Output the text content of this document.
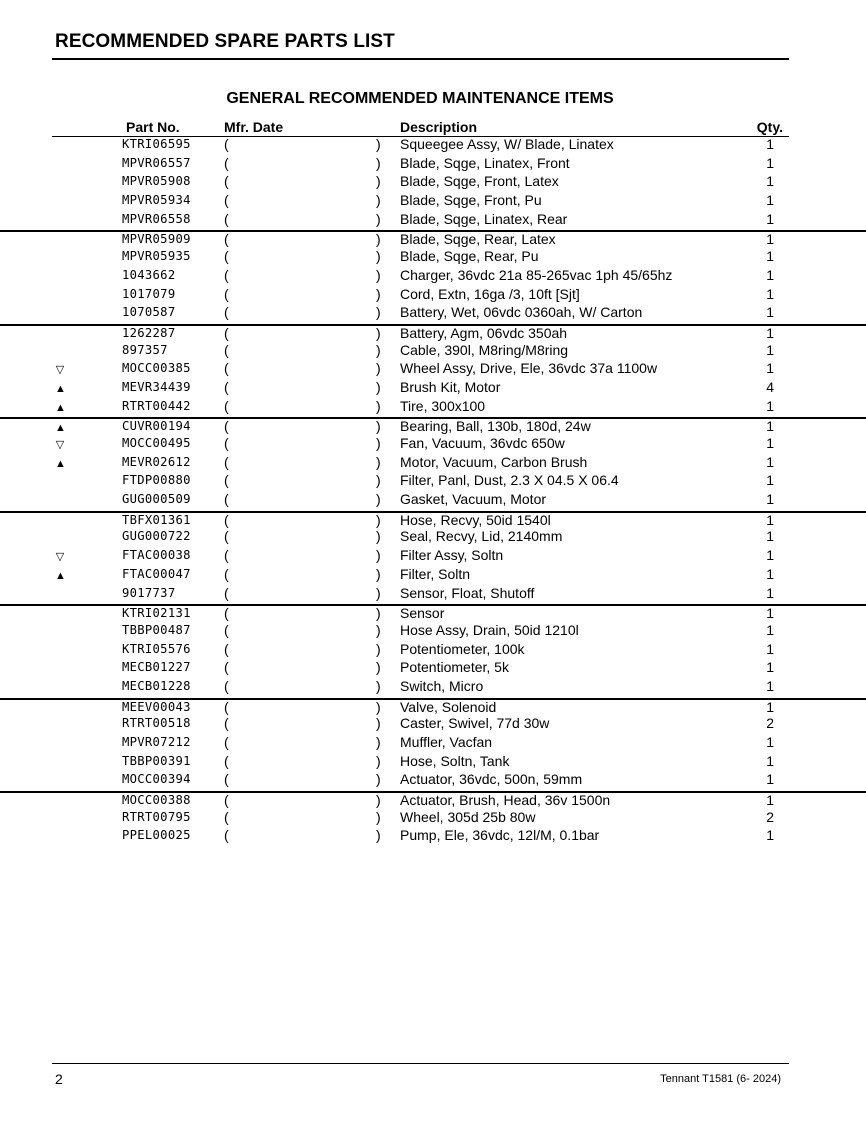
RECOMMENDED SPARE PARTS LIST
GENERAL RECOMMENDED MAINTENANCE ITEMS
Part No.	Mfr. Date	Description	Qty.
KTRI06595 (	) Squeegee Assy, W/ Blade, Linatex	1
MPVR06557 (	) Blade, Sqge, Linatex, Front	1
MPVR05908 (	) Blade, Sqge, Front, Latex	1
MPVR05934 (	) Blade, Sqge, Front, Pu	1
MPVR06558 (	) Blade, Sqge, Linatex, Rear	1
MPVR05909 (	) Blade, Sqge, Rear, Latex	1
MPVR05935 (	) Blade, Sqge, Rear, Pu	1
1043662	(	) Charger, 36vdc 21a 85-265vac 1ph 45/65hz	1
1017079	(	) Cord, Extn, 16ga /3, 10ft [Sjt]	1
1070587	(	) Battery, Wet, 06vdc 0360ah, W/ Carton	1
1262287	(	) Battery, Agm, 06vdc 350ah	1
897357	(	) Cable, 390l, M8ring/M8ring	1
▽	MOCC00385 (	) Wheel Assy, Drive, Ele, 36vdc 37a 1100w	1
▲	MEVR34439 (	) Brush Kit, Motor	4
▲	RTRT00442 (	) Tire, 300x100	1
▲	CUVR00194 (	) Bearing, Ball, 130b, 180d, 24w	1
▽	MOCC00495 (	) Fan, Vacuum, 36vdc 650w	1
▲	MEVR02612 (	) Motor, Vacuum, Carbon Brush	1
FTDP00880 (	) Filter, Panl, Dust, 2.3 X 04.5 X 06.4	1
GUG000509 (	) Gasket, Vacuum, Motor	1
TBFX01361 (	) Hose, Recvy, 50id 1540l	1
GUG000722 (	) Seal, Recvy, Lid, 2140mm	1
▽	FTAC00038 (	) Filter Assy, Soltn	1
▲	FTAC00047 (	) Filter, Soltn	1
9017737	(	) Sensor, Float, Shutoff	1
KTRI02131 (	) Sensor	1
TBBP00487 (	) Hose Assy, Drain, 50id 1210l	1
KTRI05576 (	) Potentiometer, 100k	1
MECB01227 (	) Potentiometer, 5k	1
MECB01228 (	) Switch, Micro	1
MEEV00043 (	) Valve, Solenoid	1
RTRT00518 (	) Caster, Swivel, 77d 30w	2
MPVR07212 (	) Muffler, Vacfan	1
TBBP00391 (	) Hose, Soltn, Tank	1
MOCC00394 (	) Actuator, 36vdc, 500n, 59mm	1
MOCC00388 (	) Actuator, Brush, Head, 36v 1500n	1
RTRT00795 (	) Wheel, 305d 25b 80w	2
PPEL00025 (	) Pump, Ele, 36vdc, 12l/M, 0.1bar	1
2	Tennant T1581 (6- 2024)
